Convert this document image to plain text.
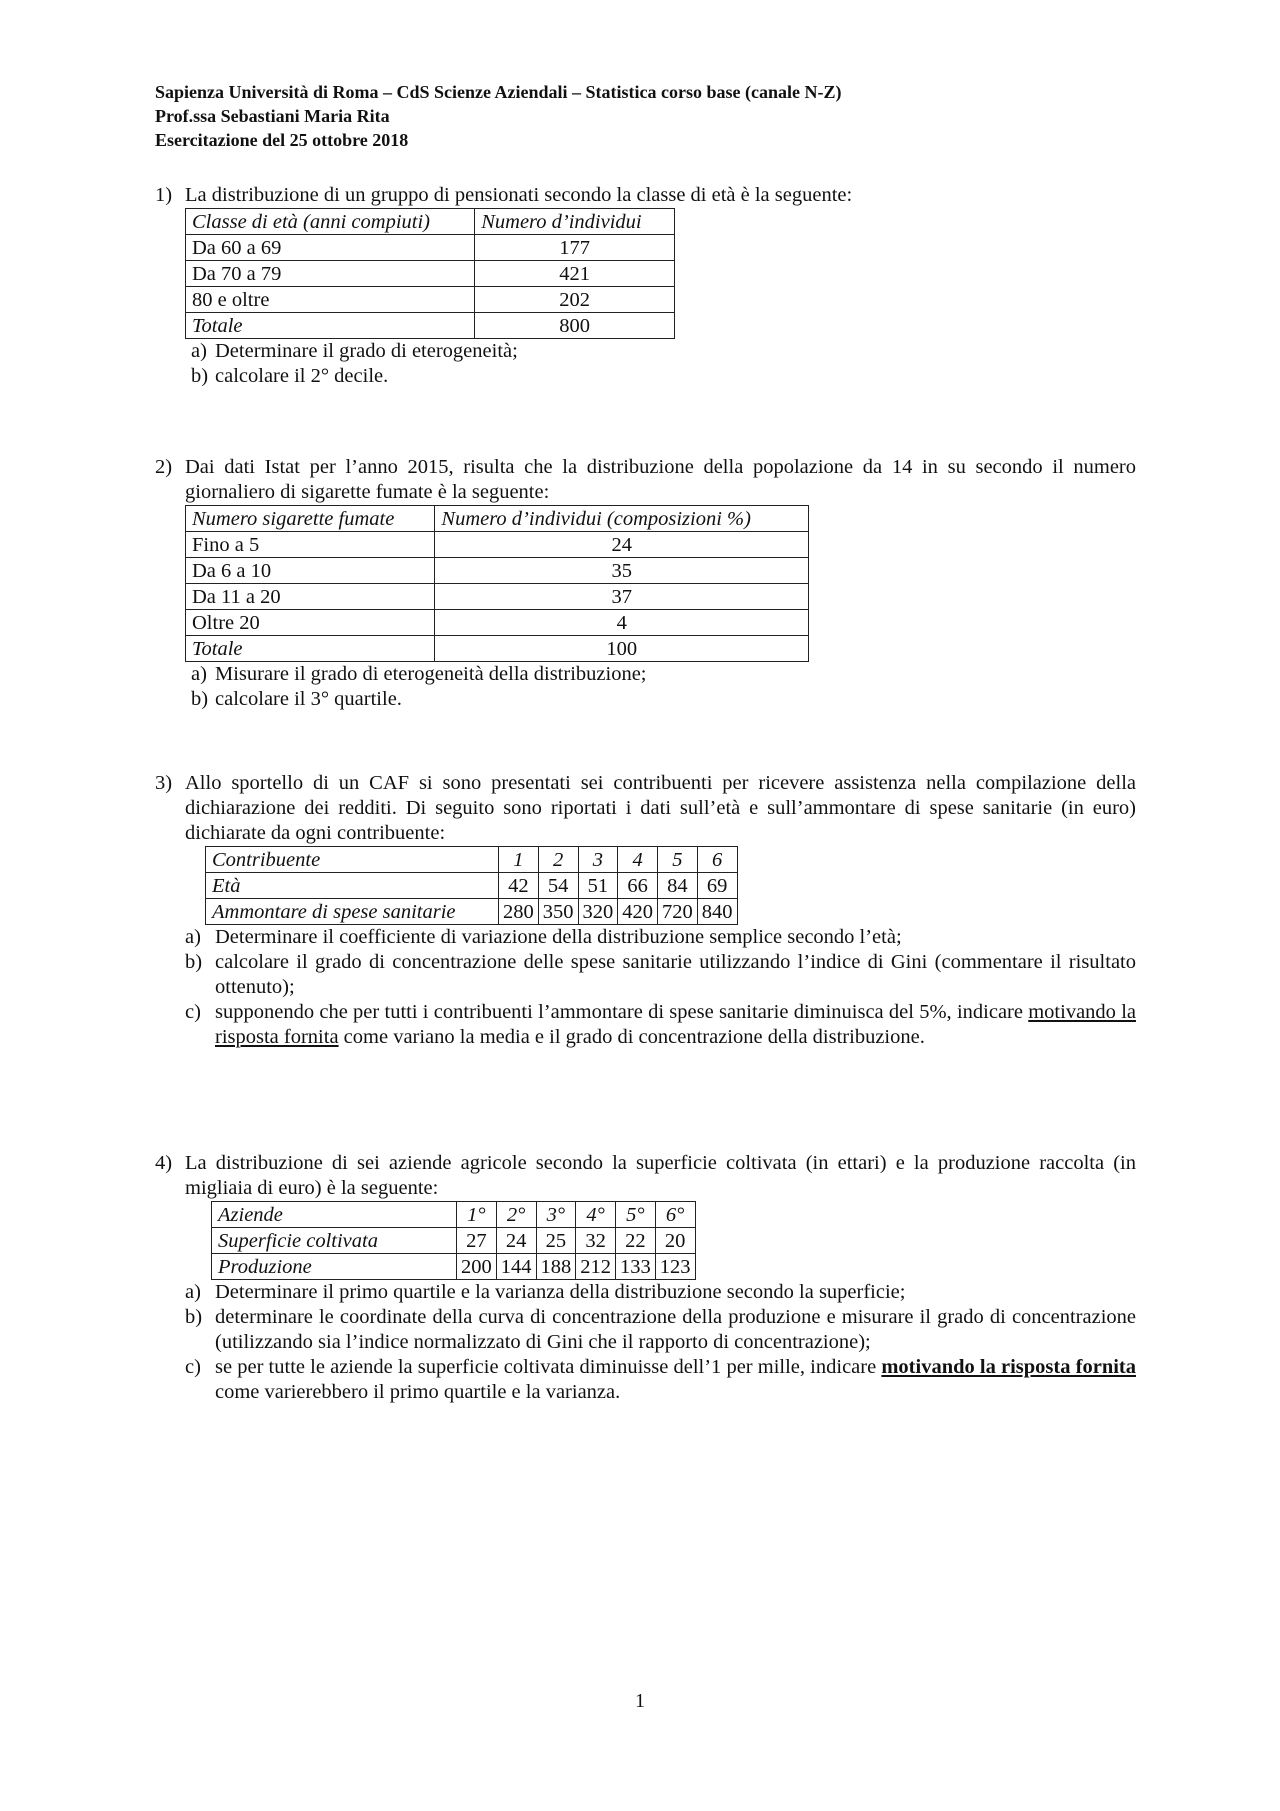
Sapienza Università di Roma – CdS Scienze Aziendali – Statistica corso base (canale N-Z)
Prof.ssa Sebastiani Maria Rita
Esercitazione del 25 ottobre 2018
1) La distribuzione di un gruppo di pensionati secondo la classe di età è la seguente:
Classe di età (anni compiuti)	Numero d’individui
Da 60 a 69	177
Da 70 a 79	421
80 e oltre	202
Totale	800
a) Determinare il grado di eterogeneità;
b) calcolare il 2° decile.
2) Dai dati Istat per l’anno 2015, risulta che la distribuzione della popolazione da 14 in su secondo il numero giornaliero di sigarette fumate è la seguente:
Numero sigarette fumate	Numero d’individui (composizioni %)
Fino a 5	24
Da 6 a 10	35
Da 11 a 20	37
Oltre 20	4
Totale	100
a) Misurare il grado di eterogeneità della distribuzione;
b) calcolare il 3° quartile.
3) Allo sportello di un CAF si sono presentati sei contribuenti per ricevere assistenza nella compilazione della dichiarazione dei redditi. Di seguito sono riportati i dati sull’età e sull’ammontare di spese sanitarie (in euro) dichiarate da ogni contribuente:
Contribuente	1	2	3	4	5	6
Età	42	54	51	66	84	69
Ammontare di spese sanitarie	280	350	320	420	720	840
a) Determinare il coefficiente di variazione della distribuzione semplice secondo l’età;
b) calcolare il grado di concentrazione delle spese sanitarie utilizzando l’indice di Gini (commentare il risultato ottenuto);
c) supponendo che per tutti i contribuenti l’ammontare di spese sanitarie diminuisca del 5%, indicare motivando la risposta fornita come variano la media e il grado di concentrazione della distribuzione.
4) La distribuzione di sei aziende agricole secondo la superficie coltivata (in ettari) e la produzione raccolta (in migliaia di euro) è la seguente:
Aziende	1°	2°	3°	4°	5°	6°
Superficie coltivata	27	24	25	32	22	20
Produzione	200	144	188	212	133	123
a) Determinare il primo quartile e la varianza della distribuzione secondo la superficie;
b) determinare le coordinate della curva di concentrazione della produzione e misurare il grado di concentrazione (utilizzando sia l’indice normalizzato di Gini che il rapporto di concentrazione);
c) se per tutte le aziende la superficie coltivata diminuisse dell’1 per mille, indicare motivando la risposta fornita come varierebbero il primo quartile e la varianza.
1
